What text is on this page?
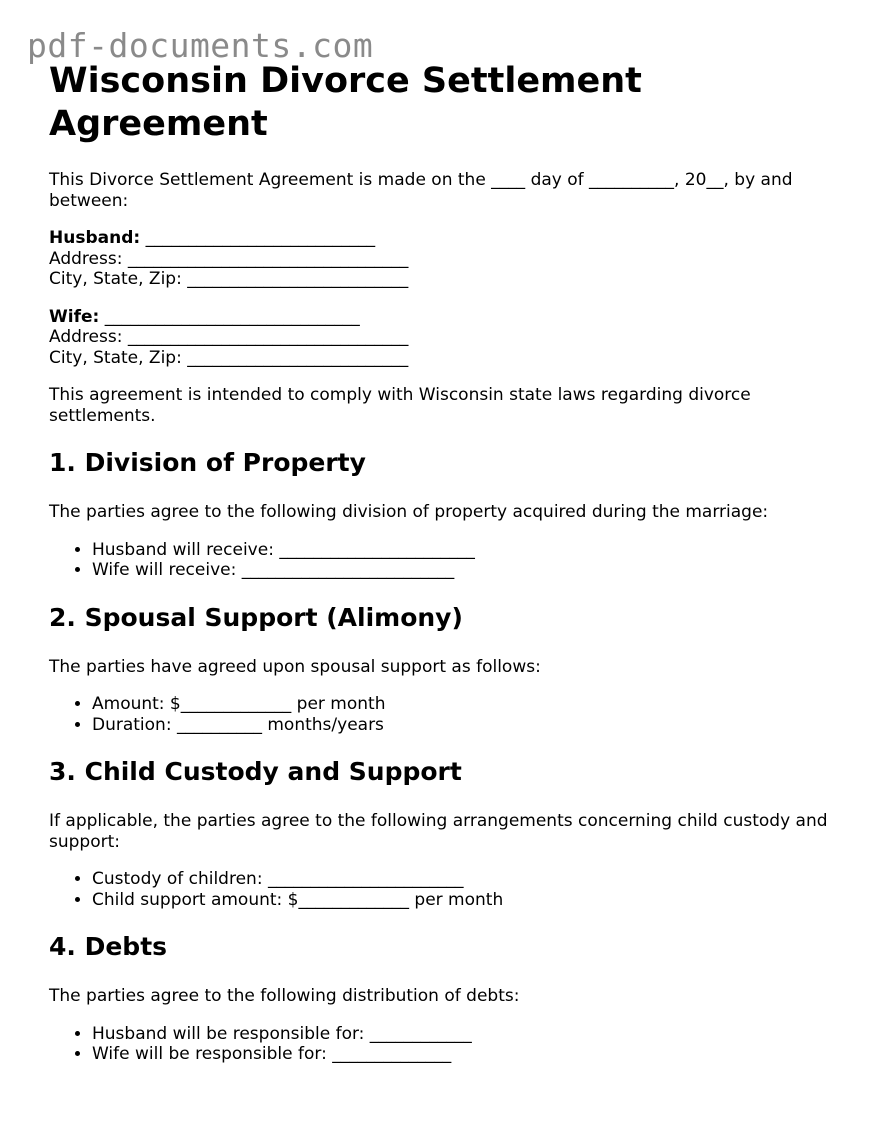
pdf-documents.com
Wisconsin Divorce Settlement Agreement

This Divorce Settlement Agreement is made on the ____ day of __________, 20__, by and between:

Husband: ___________________________
Address: _________________________________
City, State, Zip: __________________________

Wife: ______________________________
Address: _________________________________
City, State, Zip: __________________________

This agreement is intended to comply with Wisconsin state laws regarding divorce settlements.

1. Division of Property

The parties agree to the following division of property acquired during the marriage:

• Husband will receive: _______________________
• Wife will receive: _________________________
2. Spousal Support (Alimony)

The parties have agreed upon spousal support as follows:

• Amount: $_____________ per month
• Duration: __________ months/years
3. Child Custody and Support

If applicable, the parties agree to the following arrangements concerning child custody and support:

• Custody of children: _______________________
• Child support amount: $_____________ per month
4. Debts

The parties agree to the following distribution of debts:

• Husband will be responsible for: ____________
• Wife will be responsible for: ______________
